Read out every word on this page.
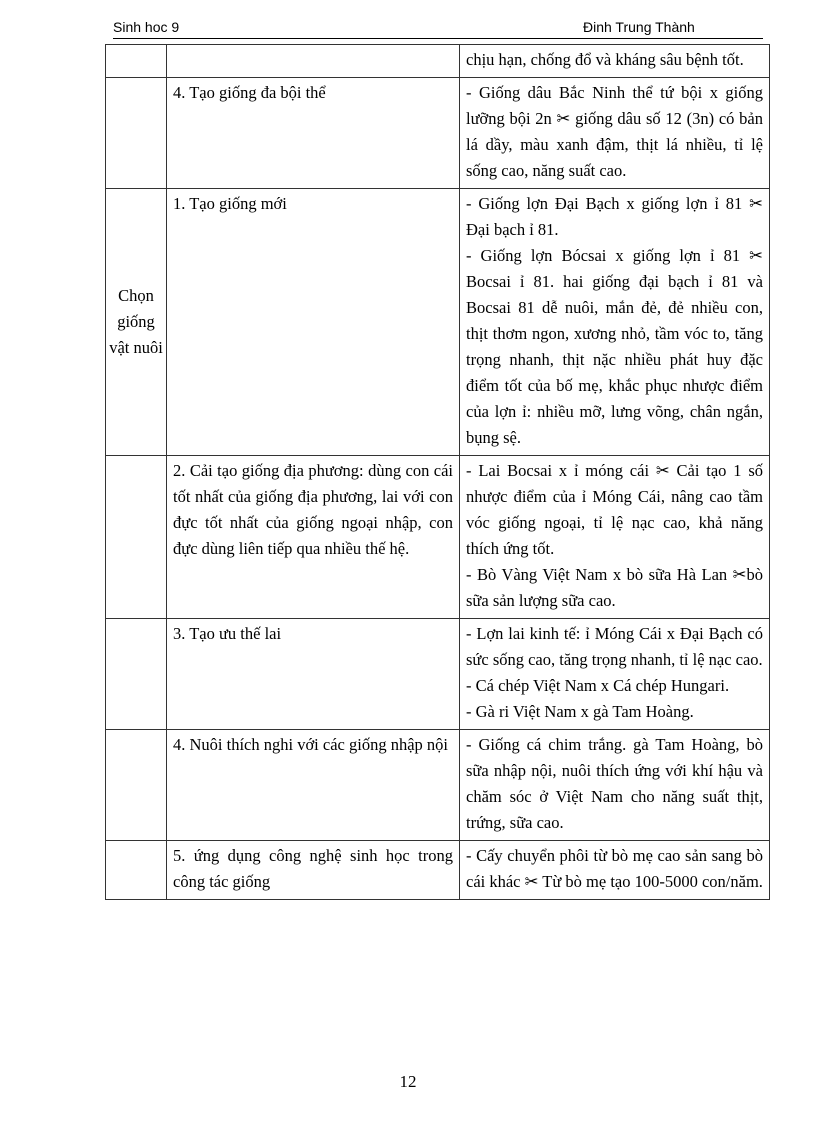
Sinh hoc 9	Đinh Trung Thành

		chịu hạn, chống đổ và kháng sâu bệnh tốt.

	4. Tạo giống đa bội thể	- Giống dâu Bắc Ninh thể tứ bội x giống lưỡng bội 2n ✂ giống dâu số 12 (3n) có bản lá dầy, màu xanh đậm, thịt lá nhiều, tỉ lệ sống cao, năng suất cao.

Chọn giống vật nuôi	1. Tạo giống mới	- Giống lợn Đại Bạch x giống lợn ỉ 81 ✂ Đại bạch ỉ 81.
- Giống lợn Bócsai x giống lợn ỉ 81 ✂ Bocsai ỉ 81. hai giống đại bạch ỉ 81 và Bocsai 81 dễ nuôi, mắn đẻ, đẻ nhiều con, thịt thơm ngon, xương nhỏ, tầm vóc to, tăng trọng nhanh, thịt nặc nhiều phát huy đặc điểm tốt của bố mẹ, khắc phục nhược điểm của lợn ỉ: nhiều mỡ, lưng võng, chân ngắn, bụng sệ.

	2. Cải tạo giống địa phương: dùng con cái tốt nhất của giống địa phương, lai với con đực tốt nhất của giống ngoại nhập, con đực dùng liên tiếp qua nhiều thế hệ.	- Lai Bocsai x ỉ móng cái ✂ Cải tạo 1 số nhược điểm của ỉ Móng Cái, nâng cao tầm vóc giống ngoại, tỉ lệ nạc cao, khả năng thích ứng tốt.
- Bò Vàng Việt Nam x bò sữa Hà Lan ✂bò sữa sản lượng sữa cao.

	3. Tạo ưu thế lai	- Lợn lai kinh tế: ỉ Móng Cái x Đại Bạch có sức sống cao, tăng trọng nhanh, tỉ lệ nạc cao.
- Cá chép Việt Nam x Cá chép Hungari.
- Gà ri Việt Nam x gà Tam Hoàng.

	4. Nuôi thích nghi với các giống nhập nội	- Giống cá chim trắng. gà Tam Hoàng, bò sữa nhập nội, nuôi thích ứng với khí hậu và chăm sóc ở Việt Nam cho năng suất thịt, trứng, sữa cao.

	5. ứng dụng công nghệ sinh học trong công tác giống	- Cấy chuyển phôi từ bò mẹ cao sản sang bò cái khác ✂ Từ bò mẹ tạo 100-5000 con/năm.
12
